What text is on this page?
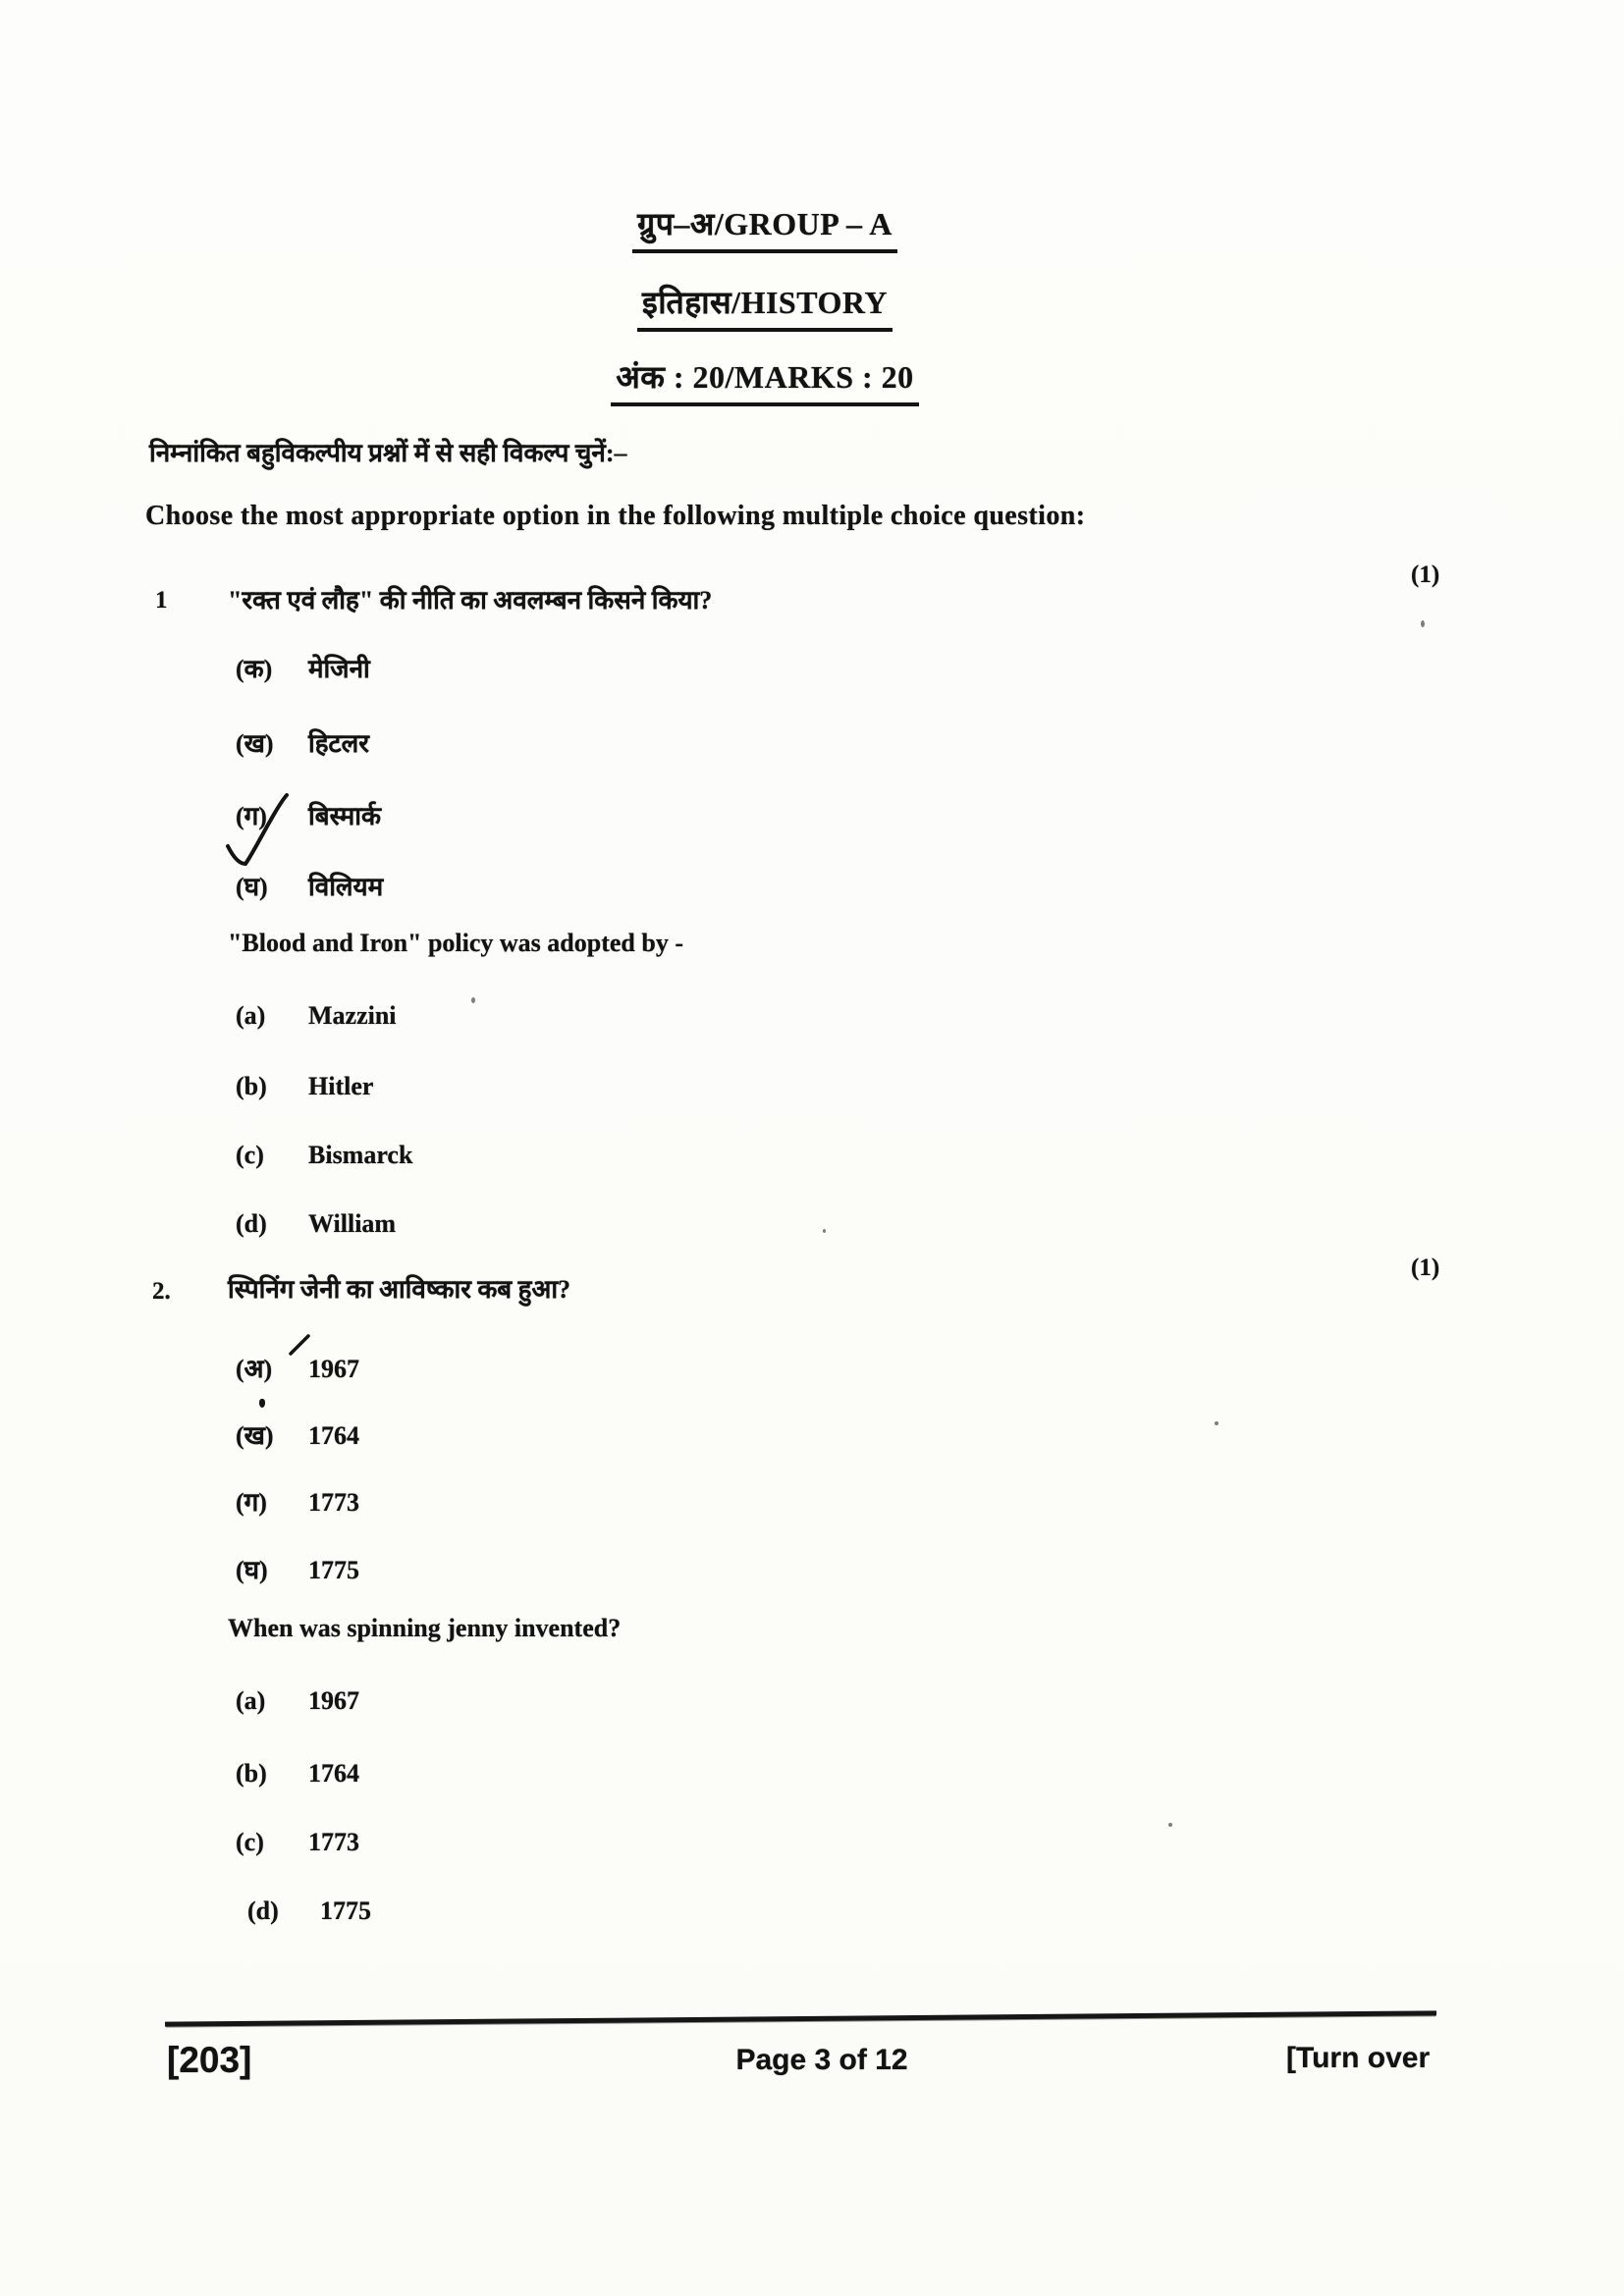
ग्रुप–अ/GROUP – A
इतिहास/HISTORY
अंक : 20/MARKS : 20
निम्नांकित बहुविकल्पीय प्रश्नों में से सही विकल्प चुनें:–
Choose the most appropriate option in the following multiple choice question:
1 "रक्त एवं लौह" की नीति का अवलम्बन किसने किया?
(1)
(क) मेजिनी
(ख) हिटलर
(ग) बिस्मार्क
(घ) विलियम
"Blood and Iron" policy was adopted by -
(a) Mazzini
(b) Hitler
(c) Bismarck
(d) William
2. स्पिनिंग जेनी का आविष्कार कब हुआ?
(1)
(अ) 1967
(ख) 1764
(ग) 1773
(घ) 1775
When was spinning jenny invented?
(a) 1967
(b) 1764
(c) 1773
(d) 1775
[203]	Page 3 of 12	[Turn over
